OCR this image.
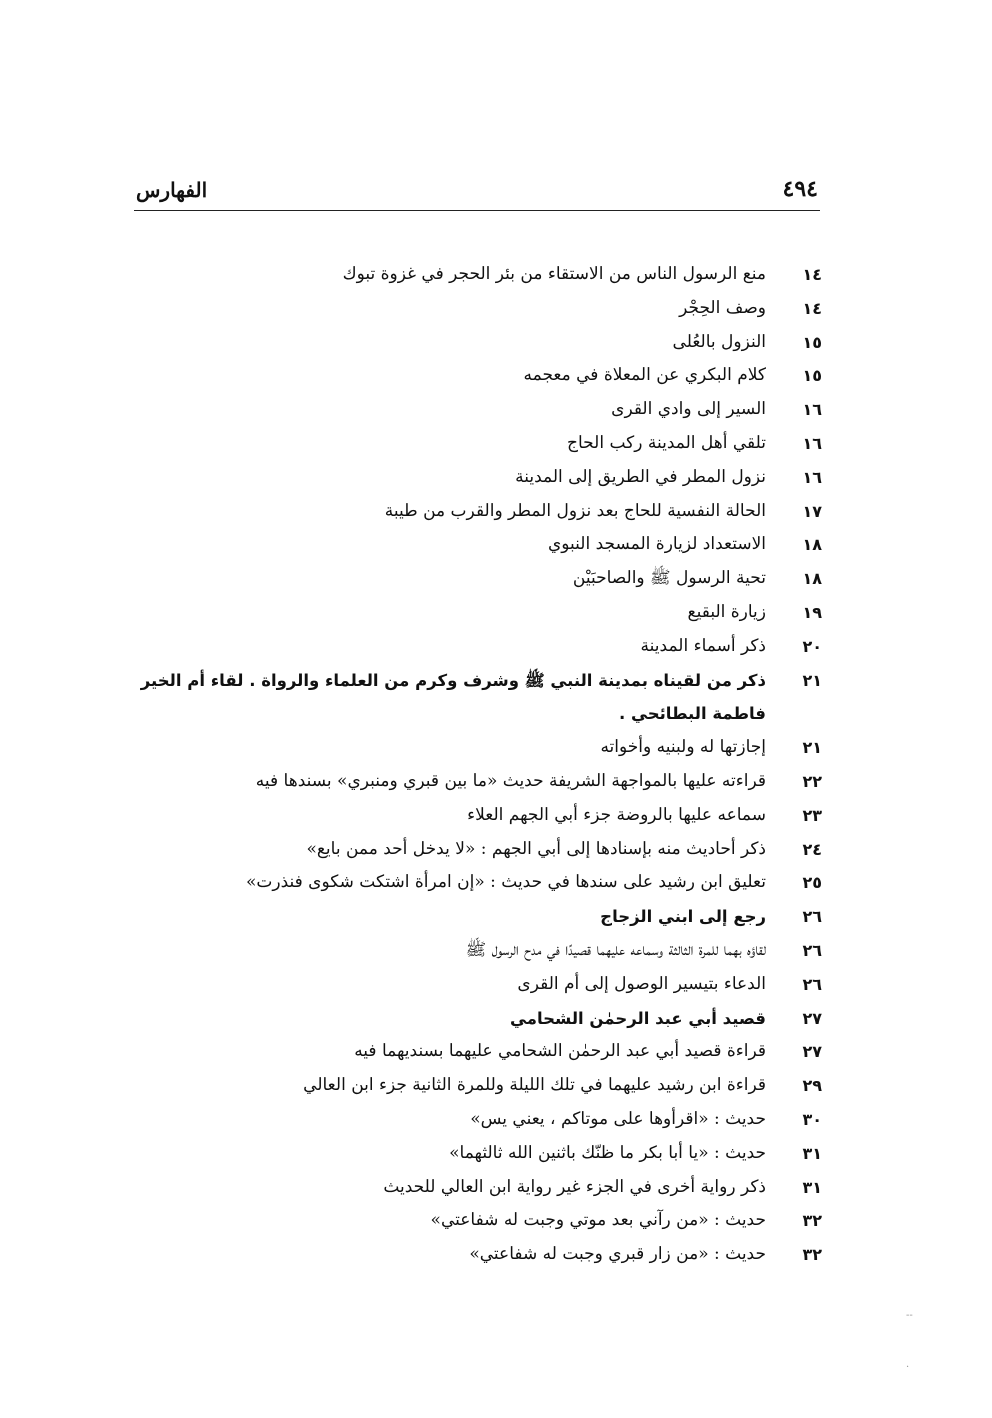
٤٩٤
الفهارس
١٤
منع الرسول الناس من الاستقاء من بئر الحجر في غزوة تبوك
١٤
وصف الحِجْر
١٥
النزول بالعُلى
١٥
كلام البكري عن المعلاة في معجمه
١٦
السير إلى وادي القرى
١٦
تلقي أهل المدينة ركب الحاج
١٦
نزول المطر في الطريق إلى المدينة
١٧
الحالة النفسية للحاج بعد نزول المطر والقرب من طيبة
١٨
الاستعداد لزيارة المسجد النبوي
١٨
تحية الرسول ﷺ والصاحبَيْن
١٩
زيارة البقيع
٢٠
ذكر أسماء المدينة
٢١
ذكر من لقيناه بمدينة النبي ﷺ وشرف وكرم من العلماء والرواة . لقاء أم الخير فاطمة البطائحي .
٢١
إجازتها له ولبنيه وأخواته
٢٢
قراءته عليها بالمواجهة الشريفة حديث «ما بين قبري ومنبري» بسندها فيه
٢٣
سماعه عليها بالروضة جزء أبي الجهم العلاء
٢٤
ذكر أحاديث منه بإسنادها إلى أبي الجهم : «لا يدخل أحد ممن بايع»
٢٥
تعليق ابن رشيد على سندها في حديث : «إن امرأة اشتكت شكوى فنذرت»
٢٦
رجع إلى ابني الزجاج
٢٦
لقاؤه بهما للمرة الثالثة وسماعه عليهما قصيدًا في مدح الرسول ﷺ
٢٦
الدعاء بتيسير الوصول إلى أم القرى
٢٧
قصيد أبي عبد الرحمٰن الشحامي
٢٧
قراءة قصيد أبي عبد الرحمٰن الشحامي عليهما بسنديهما فيه
٢٩
قراءة ابن رشيد عليهما في تلك الليلة وللمرة الثانية جزء ابن العالي
٣٠
حديث : «اقرأوها على موتاكم ، يعني يس»
٣١
حديث : «يا أبا بكر ما ظنّك باثنين الله ثالثهما»
٣١
ذكر رواية أخرى في الجزء غير رواية ابن العالي للحديث
٣٢
حديث : «من رآني بعد موتي وجبت له شفاعتي»
٣٢
حديث : «من زار قبري وجبت له شفاعتي»
-‏-
·
